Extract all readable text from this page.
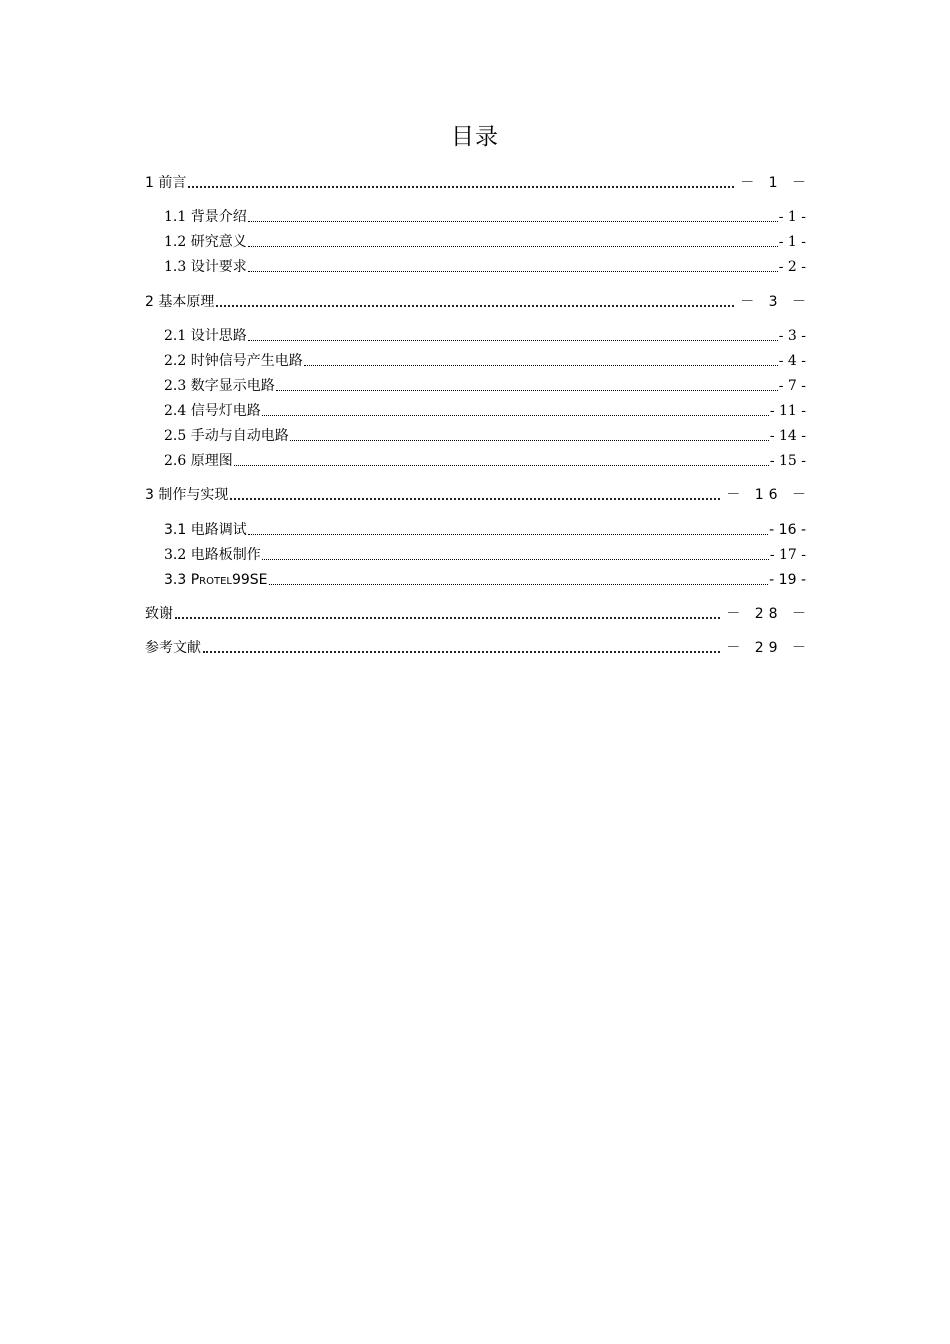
目录
1 前言	－ 1 －
1.1 背景介绍	- 1 -
1.2 研究意义	- 1 -
1.3 设计要求	- 2 -
2 基本原理	－ 3 －
2.1 设计思路	- 3 -
2.2 时钟信号产生电路	- 4 -
2.3 数字显示电路	- 7 -
2.4 信号灯电路	- 11 -
2.5 手动与自动电路	- 14 -
2.6 原理图	- 15 -
3 制作与实现	－ 16 －
3.1 电路调试	- 16 -
3.2 电路板制作	- 17 -
3.3 Protel99SE	- 19 -
致谢	－ 28 －
参考文献	－ 29 －
